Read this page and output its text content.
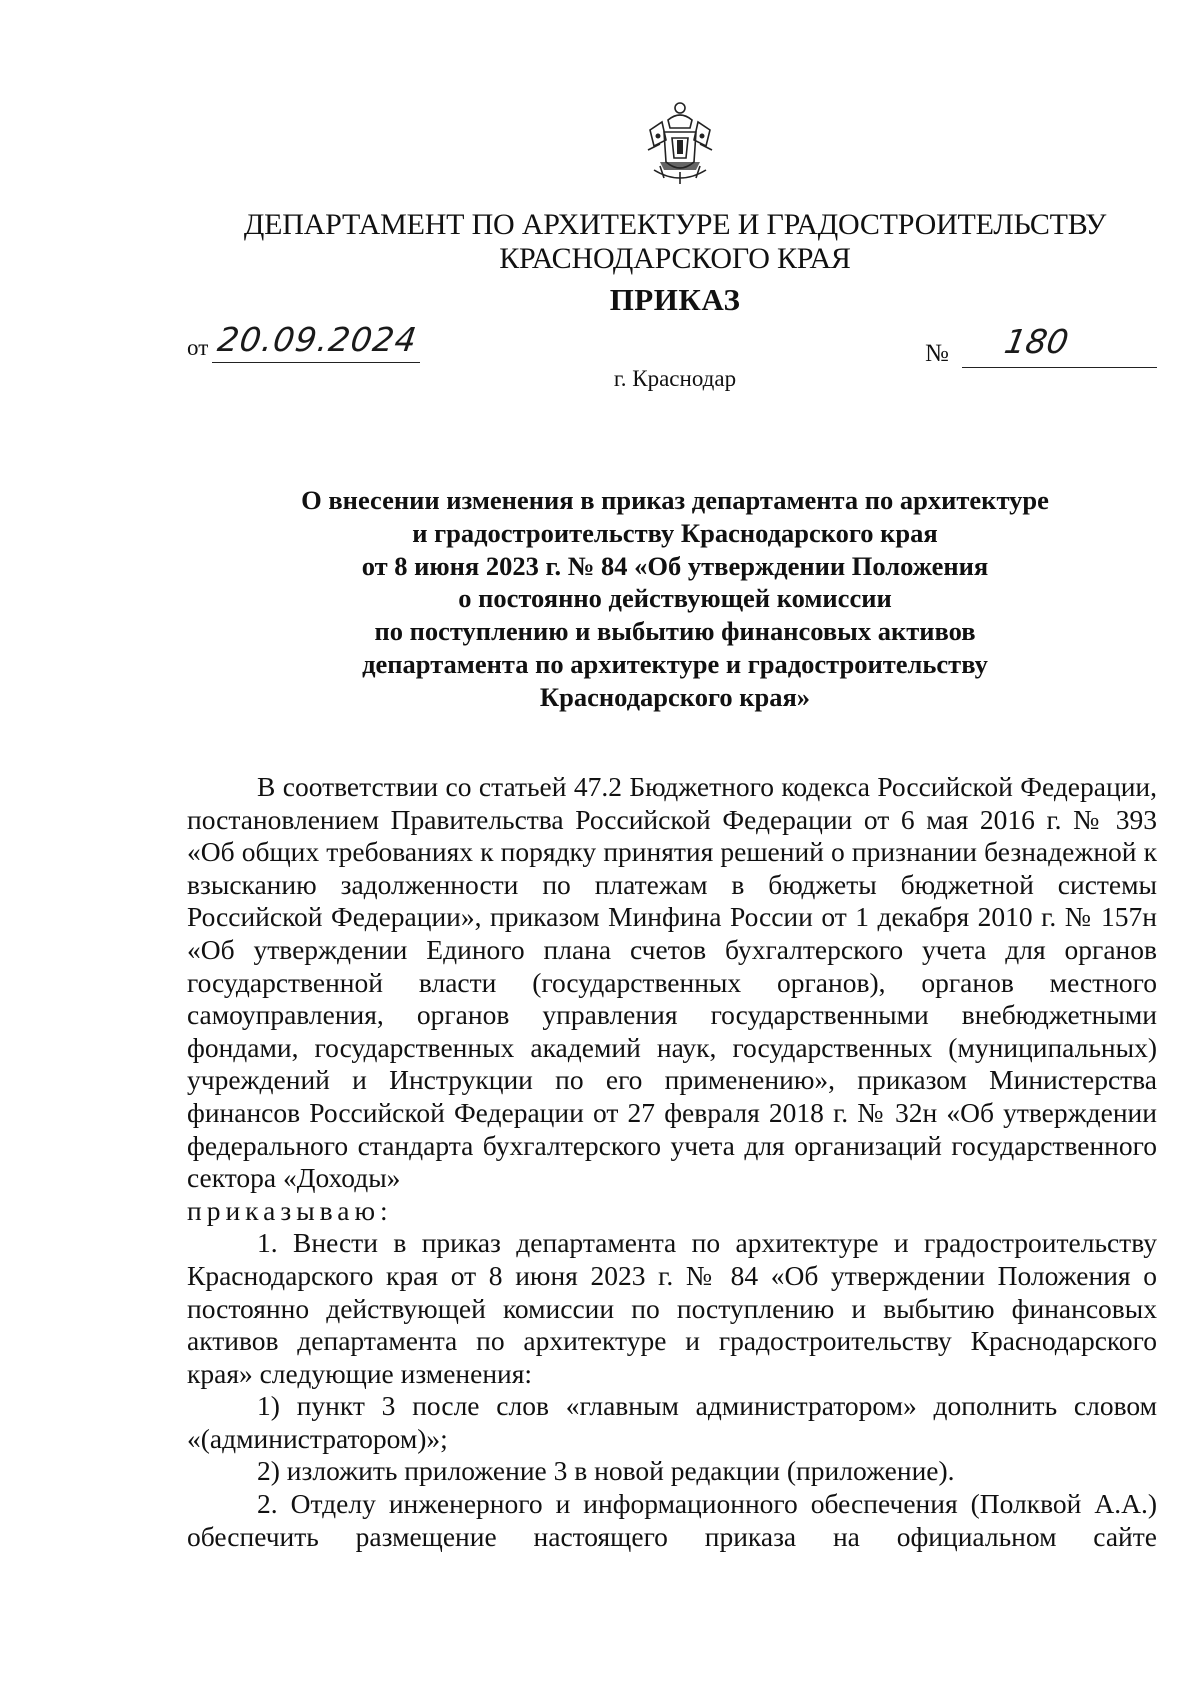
ДЕПАРТАМЕНТ ПО АРХИТЕКТУРЕ И ГРАДОСТРОИТЕЛЬСТВУ
КРАСНОДАРСКОГО КРАЯ
ПРИКАЗ
от 20.09.2024	№ 180
г. Краснодар
О внесении изменения в приказ департамента по архитектуре
и градостроительству Краснодарского края
от 8 июня 2023 г. № 84 «Об утверждении Положения
о постоянно действующей комиссии
по поступлению и выбытию финансовых активов
департамента по архитектуре и градостроительству
Краснодарского края»

В соответствии со статьей 47.2 Бюджетного кодекса Российской Федерации, постановлением Правительства Российской Федерации от 6 мая 2016 г. № 393 «Об общих требованиях к порядку принятия решений о признании безнадежной к взысканию задолженности по платежам в бюджеты бюджетной системы Российской Федерации», приказом Минфина России от 1 декабря 2010 г. № 157н «Об утверждении Единого плана счетов бухгалтерского учета для органов государственной власти (государственных органов), органов местного самоуправления, органов управления государственными внебюджетными фондами, государственных академий наук, государственных (муниципальных) учреждений и Инструкции по его применению», приказом Министерства финансов Российской Федерации от 27 февраля 2018 г. № 32н «Об утверждении федерального стандарта бухгалтерского учета для организаций государственного сектора «Доходы»

приказываю:

1. Внести в приказ департамента по архитектуре и градостроительству Краснодарского края от 8 июня 2023 г. № 84 «Об утверждении Положения о постоянно действующей комиссии по поступлению и выбытию финансовых активов департамента по архитектуре и градостроительству Краснодарского края» следующие изменения:

1) пункт 3 после слов «главным администратором» дополнить словом «(администратором)»;

2) изложить приложение 3 в новой редакции (приложение).

2. Отделу инженерного и информационного обеспечения (Полквой А.А.) обеспечить размещение настоящего приказа на официальном сайте
